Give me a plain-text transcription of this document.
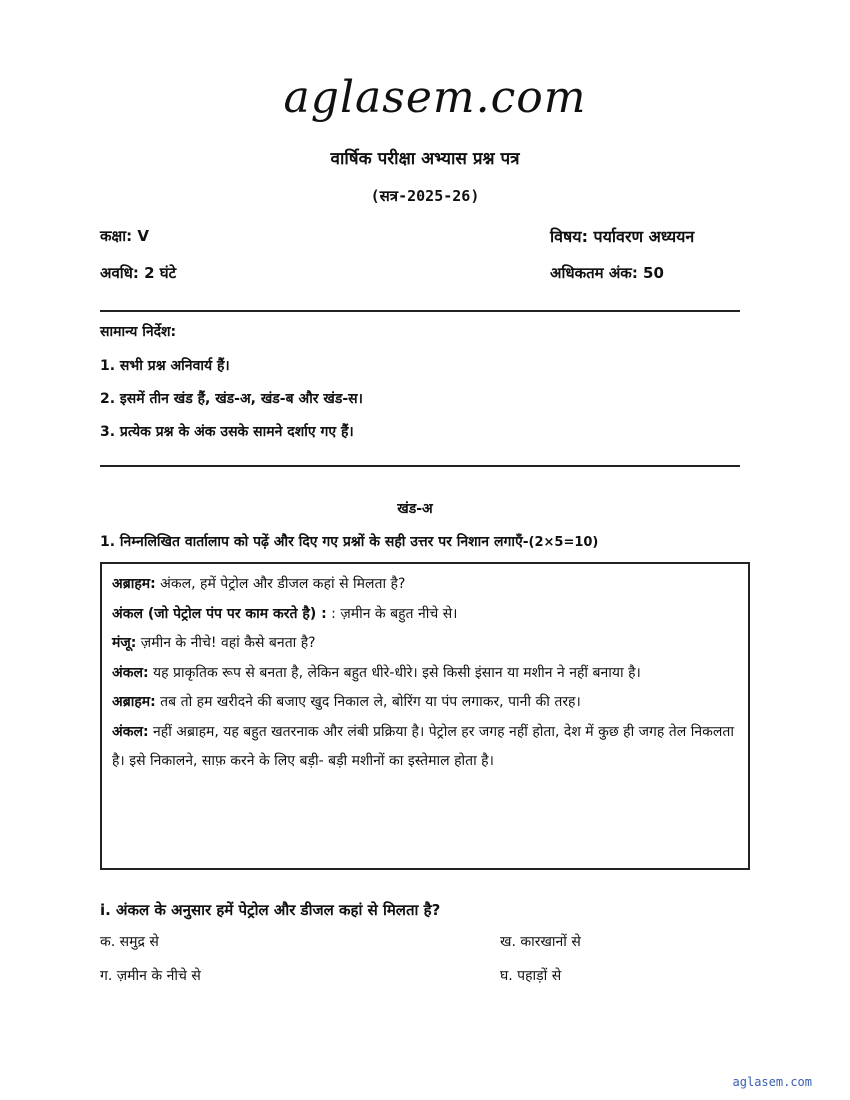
aglasem.com
वार्षिक परीक्षा अभ्यास प्रश्न पत्र
(सत्र-2025-26)
कक्षा: V	विषय: पर्यावरण अध्ययन
अवधि: 2 घंटे	अधिकतम अंक: 50
सामान्य निर्देश:
1. सभी प्रश्न अनिवार्य हैं।
2. इसमें तीन खंड हैं, खंड-अ, खंड-ब और खंड-स।
3. प्रत्येक प्रश्न के अंक उसके सामने दर्शाए गए हैं।
खंड-अ
1. निम्नलिखित वार्तालाप को पढ़ें और दिए गए प्रश्नों के सही उत्तर पर निशान लगाएँ-(2×5=10)

अब्राहम: अंकल, हमें पेट्रोल और डीजल कहां से मिलता है?

अंकल (जो पेट्रोल पंप पर काम करते है) : : ज़मीन के बहुत नीचे से।

मंजू: ज़मीन के नीचे! वहां कैसे बनता है?

अंकल: यह प्राकृतिक रूप से बनता है, लेकिन बहुत धीरे-धीरे। इसे किसी इंसान या मशीन ने नहीं बनाया है।

अब्राहम: तब तो हम खरीदने की बजाए खुद निकाल ले, बोरिंग या पंप लगाकर, पानी की तरह।

अंकल: नहीं अब्राहम, यह बहुत खतरनाक और लंबी प्रक्रिया है। पेट्रोल हर जगह नहीं होता, देश में कुछ ही जगह तेल निकलता है। इसे निकालने, साफ़ करने के लिए बड़ी- बड़ी मशीनों का इस्तेमाल होता है।

i. अंकल के अनुसार हमें पेट्रोल और डीजल कहां से मिलता है?
क. समुद्र से	ख. कारखानों से
ग. ज़मीन के नीचे से	घ. पहाड़ों से
aglasem.com
